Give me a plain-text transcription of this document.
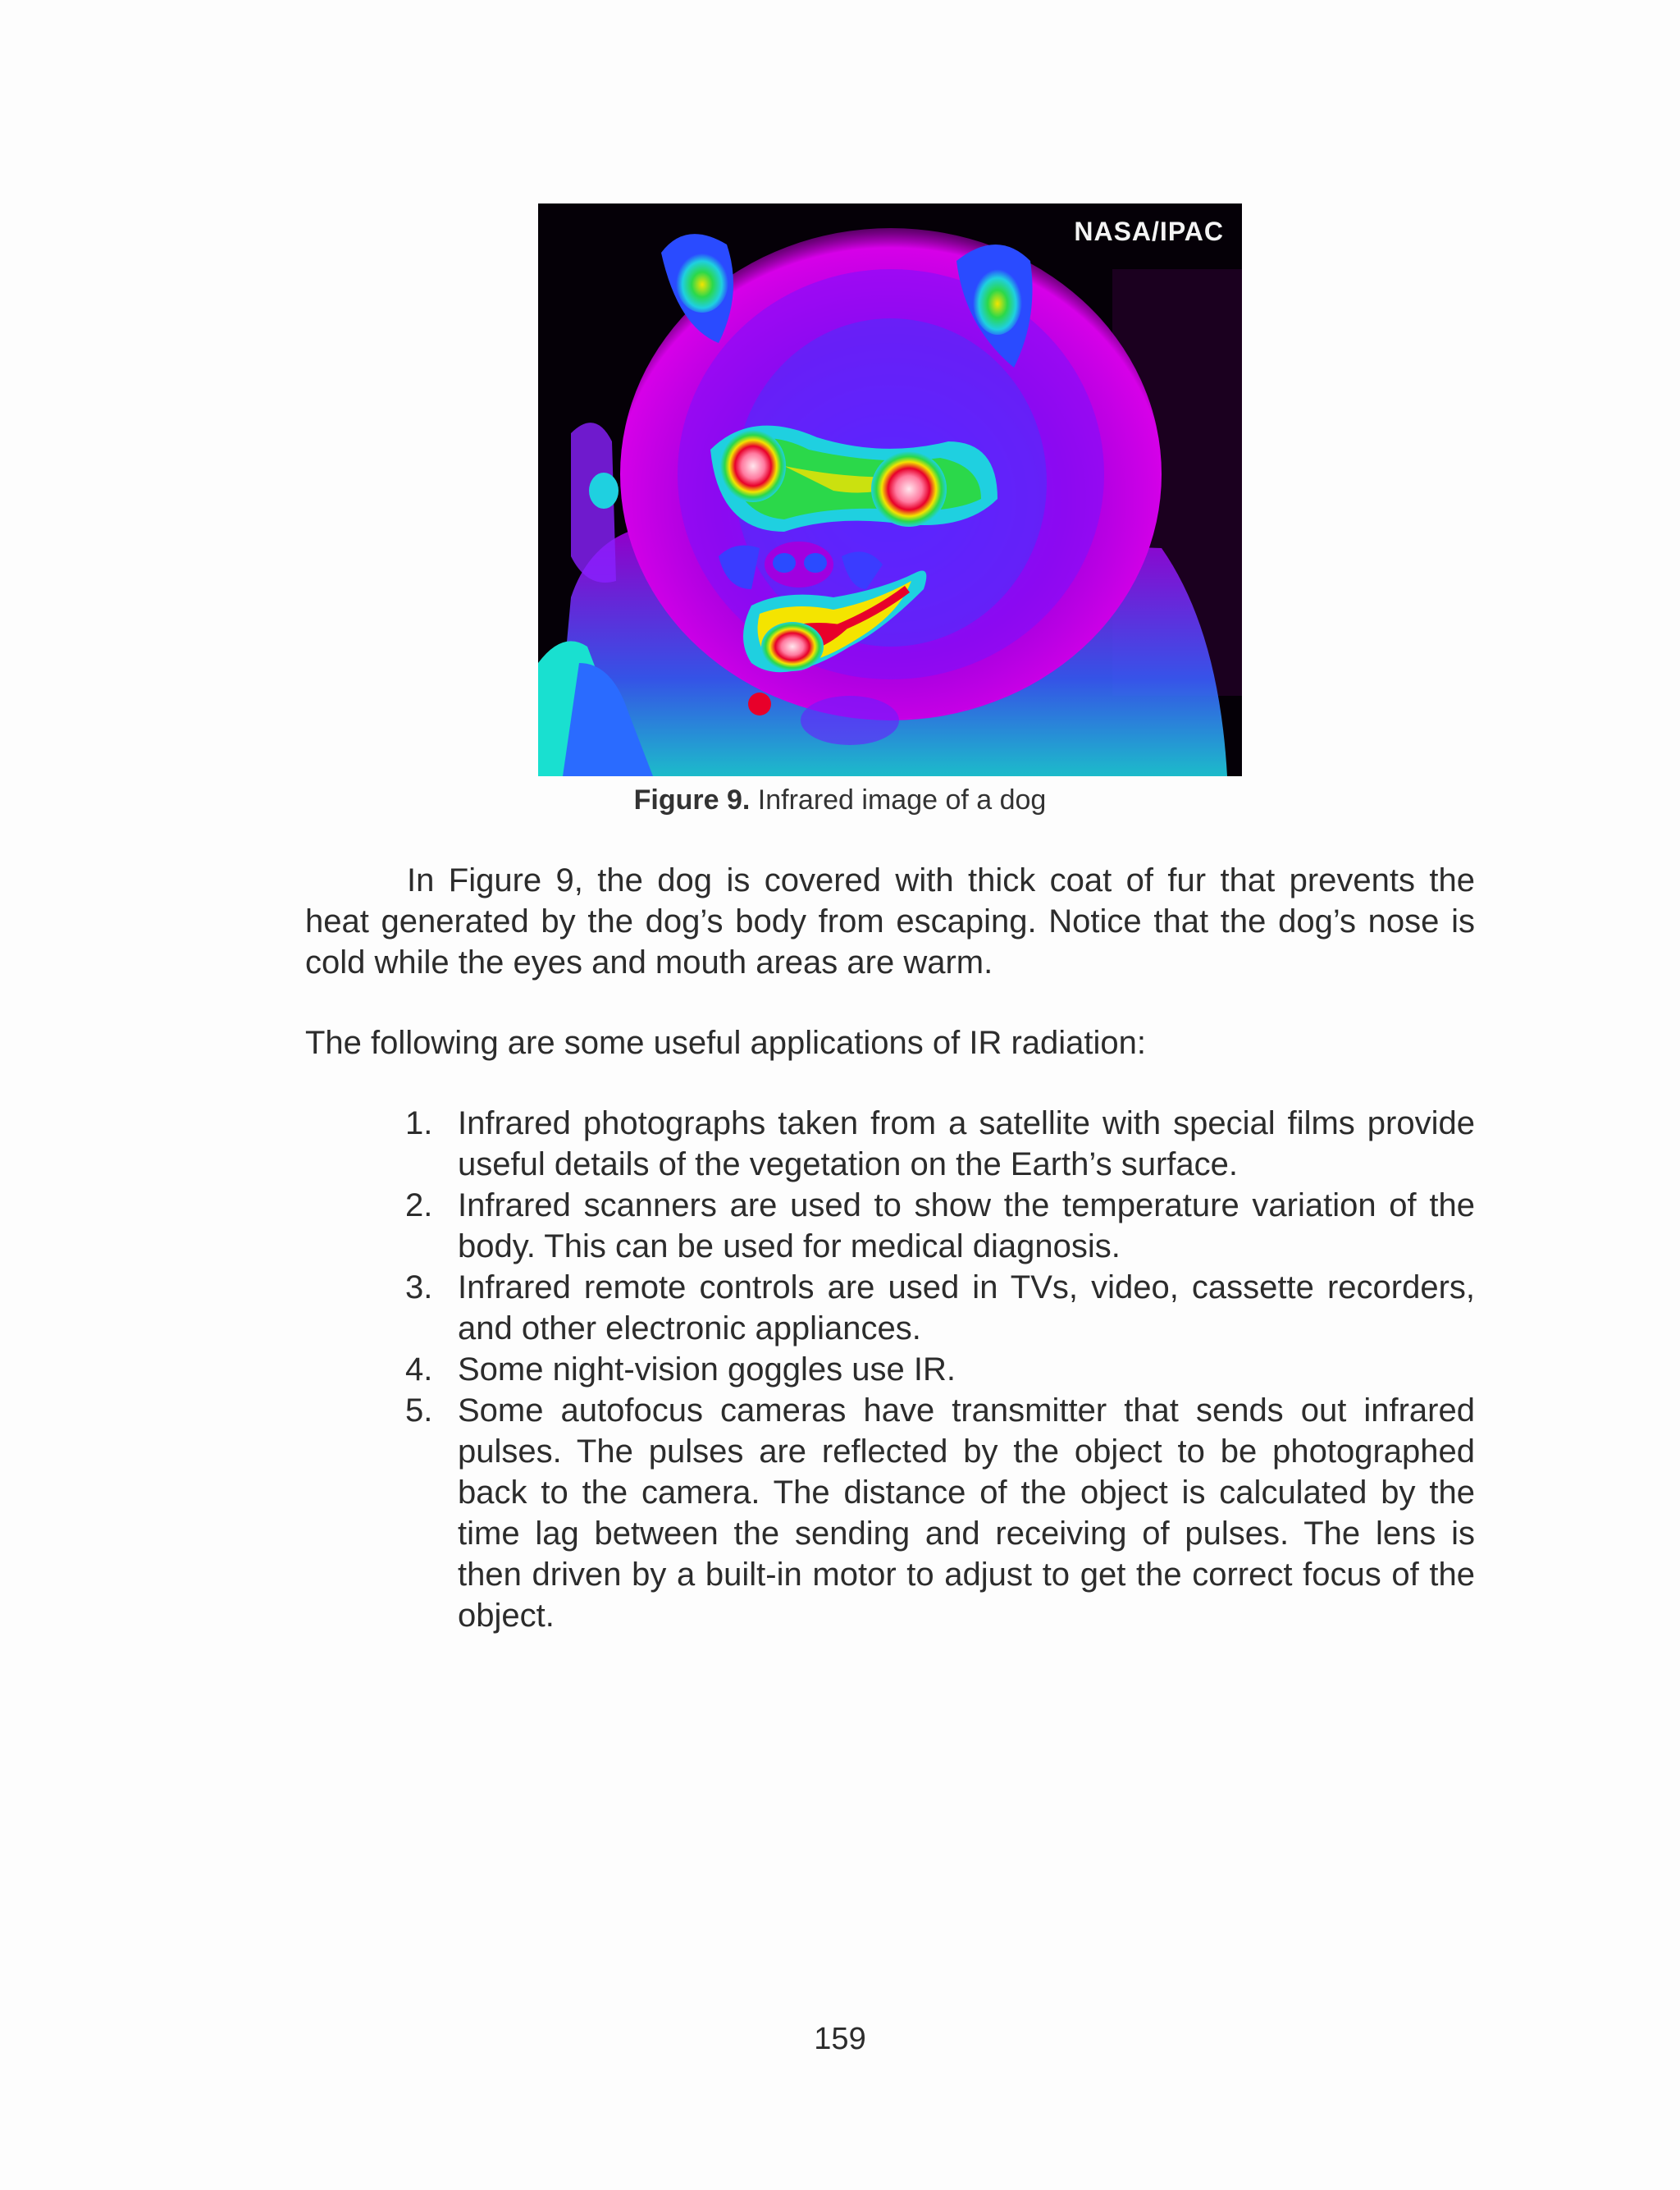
NASA/IPAC
Figure 9. Infrared image of a dog

In Figure 9, the dog is covered with thick coat of fur that prevents the heat generated by the dog’s body from escaping. Notice that the dog’s nose is cold while the eyes and mouth areas are warm.

The following are some useful applications of IR radiation:

1. Infrared photographs taken from a satellite with special films provide useful details of the vegetation on the Earth’s surface.
2. Infrared scanners are used to show the temperature variation of the body. This can be used for medical diagnosis.
3. Infrared remote controls are used in TVs, video, cassette recorders, and other electronic appliances.
4. Some night-vision goggles use IR.
5. Some autofocus cameras have transmitter that sends out infrared pulses. The pulses are reflected by the object to be photographed back to the camera. The distance of the object is calculated by the time lag between the sending and receiving of pulses. The lens is then driven by a built-in motor to adjust to get the correct focus of the object.
159
